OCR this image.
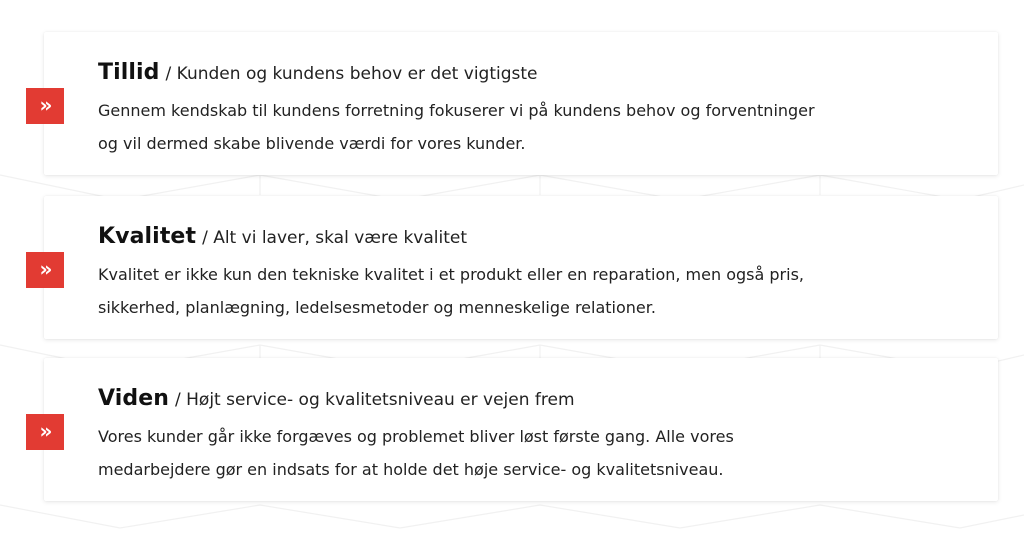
»
Tillid / Kunden og kundens behov er det vigtigste

Gennem kendskab til kundens forretning fokuserer vi på kundens behov og forventninger og vil dermed skabe blivende værdi for vores kunder.

»
Kvalitet / Alt vi laver, skal være kvalitet

Kvalitet er ikke kun den tekniske kvalitet i et produkt eller en reparation, men også pris, sikkerhed, planlægning, ledelsesmetoder og menneskelige relationer.

»
Viden / Højt service- og kvalitetsniveau er vejen frem

Vores kunder går ikke forgæves og problemet bliver løst første gang. Alle vores medarbejdere gør en indsats for at holde det høje service- og kvalitetsniveau.
